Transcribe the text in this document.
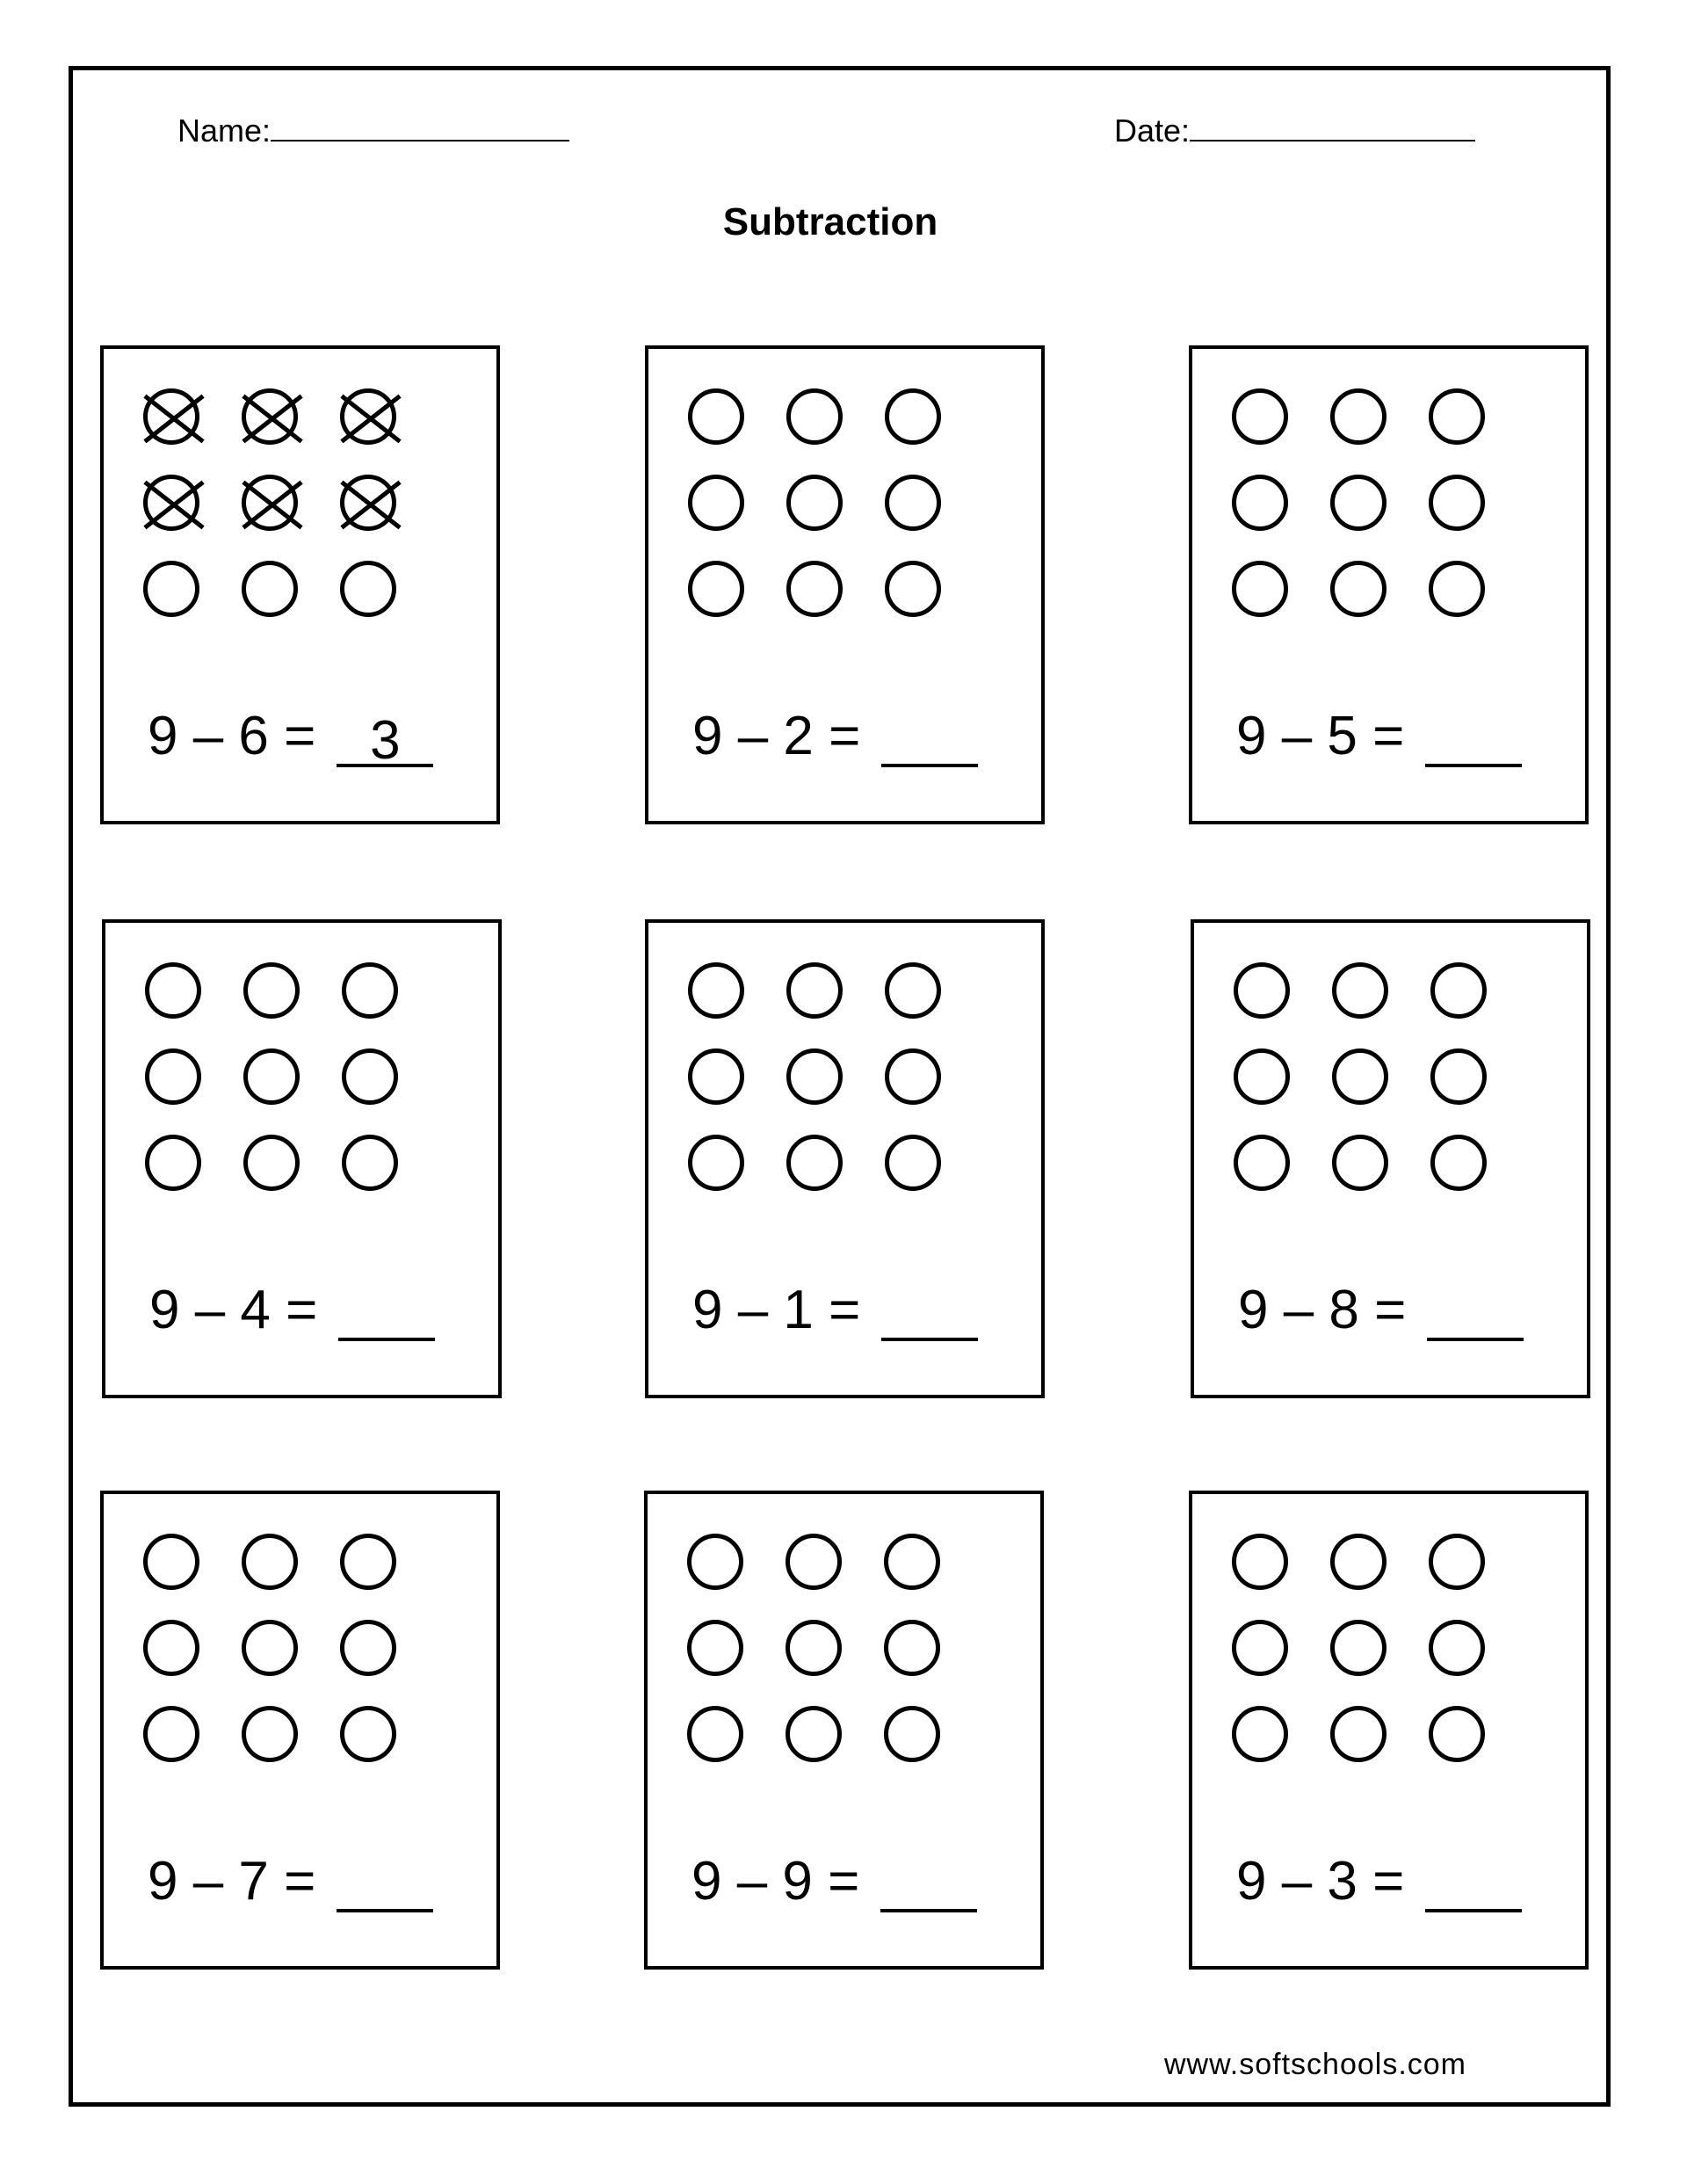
Name:	Date:
Subtraction
9 – 6 = 3	9 – 2 =	9 – 5 =
9 – 4 =	9 – 1 =	9 – 8 =
9 – 7 =	9 – 9 =	9 – 3 =
www.softschools.com
